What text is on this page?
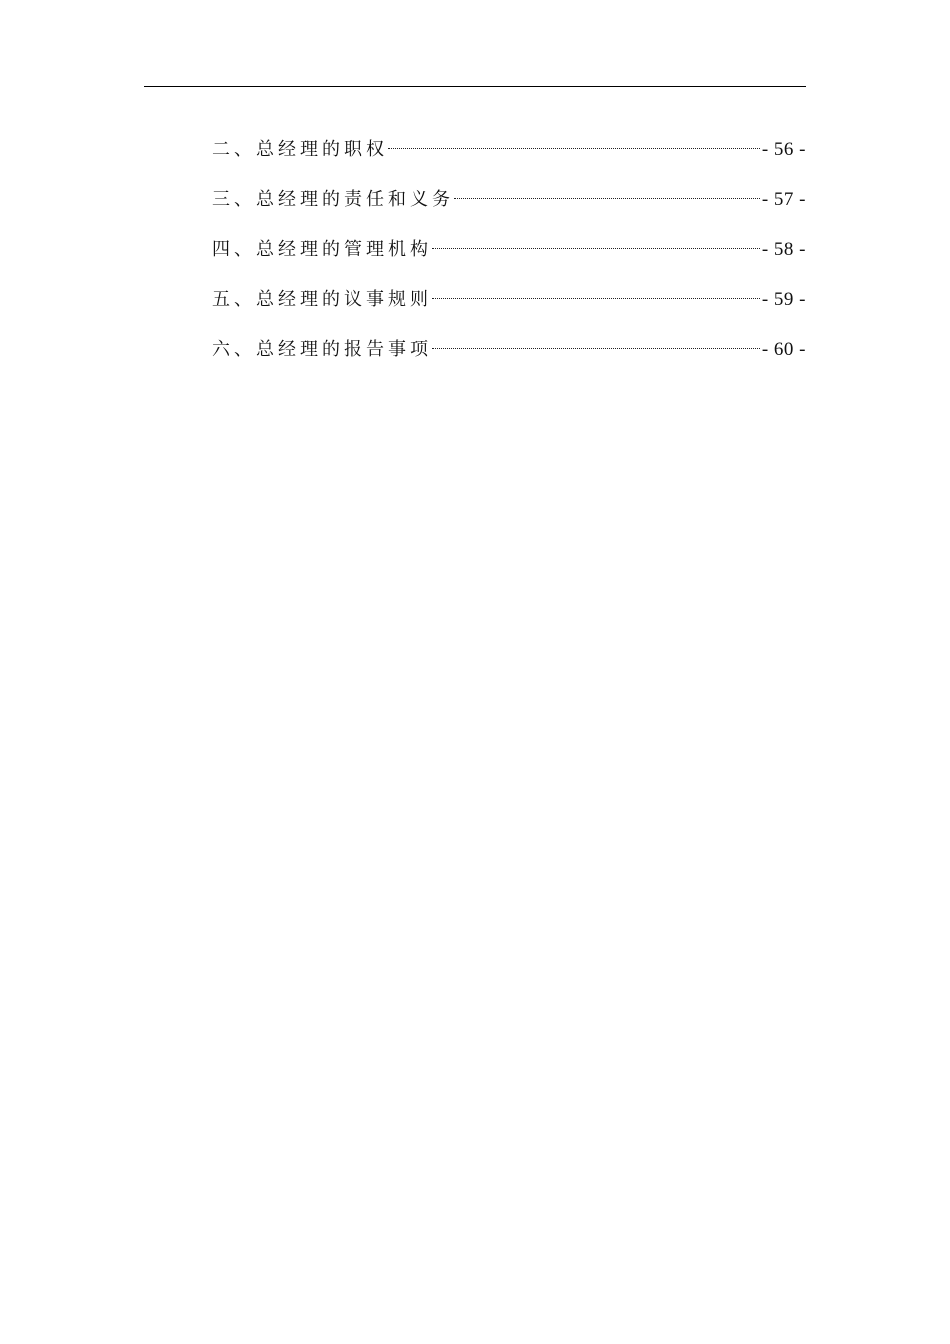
二、总经理的职权	- 56 -
三、总经理的责任和义务	- 57 -
四、总经理的管理机构	- 58 -
五、总经理的议事规则	- 59 -
六、总经理的报告事项	- 60 -
